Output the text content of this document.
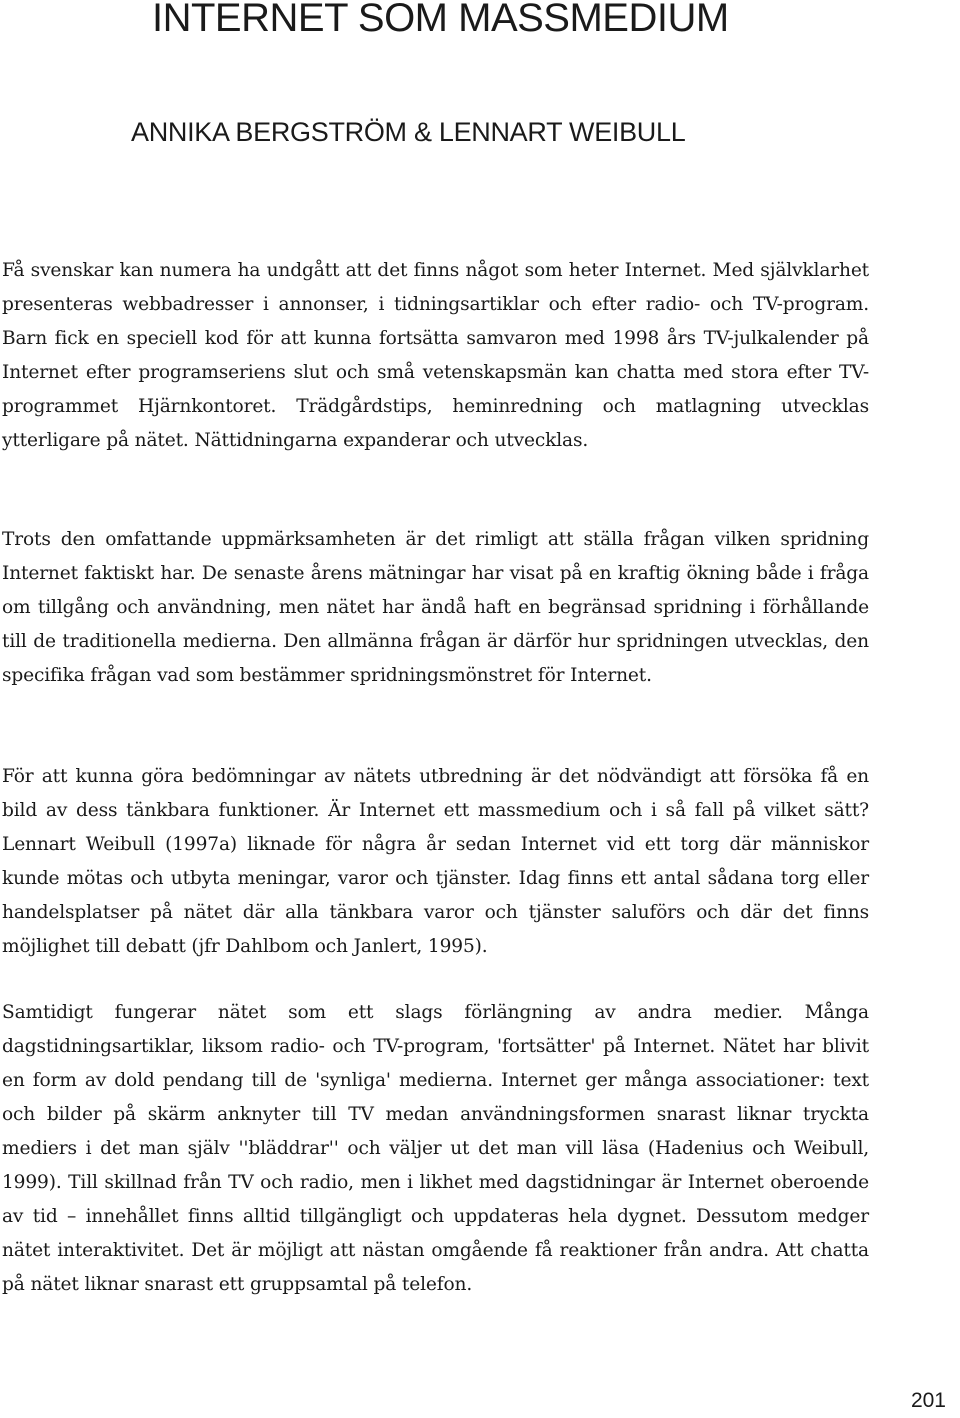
INTERNET SOM MASSMEDIUM
ANNIKA BERGSTRÖM & LENNART WEIBULL

Få svenskar kan numera ha undgått att det finns något som heter Internet. Med självklarhet presenteras webbadresser i annonser, i tidningsartiklar och efter radio- och TV-program. Barn fick en speciell kod för att kunna fortsätta samvaron med 1998 års TV-julkalender på Internet efter programseriens slut och små vetenskapsmän kan chatta med stora efter TV-programmet Hjärnkontoret. Trädgårdstips, heminredning och matlagning utvecklas ytterligare på nätet. Nättidningarna expanderar och utvecklas.

Trots den omfattande uppmärksamheten är det rimligt att ställa frågan vilken spridning Internet faktiskt har. De senaste årens mätningar har visat på en kraftig ökning både i fråga om tillgång och användning, men nätet har ändå haft en begränsad spridning i förhållande till de traditionella medierna. Den allmänna frågan är därför hur spridningen utvecklas, den specifika frågan vad som bestämmer spridningsmönstret för Internet.

För att kunna göra bedömningar av nätets utbredning är det nödvändigt att försöka få en bild av dess tänkbara funktioner. Är Internet ett massmedium och i så fall på vilket sätt? Lennart Weibull (1997a) liknade för några år sedan Internet vid ett torg där människor kunde mötas och utbyta meningar, varor och tjänster. Idag finns ett antal sådana torg eller handelsplatser på nätet där alla tänkbara varor och tjänster saluförs och där det finns möjlighet till debatt (jfr Dahlbom och Janlert, 1995).

Samtidigt fungerar nätet som ett slags förlängning av andra medier. Många dagstidningsartiklar, liksom radio- och TV-program, 'fortsätter' på Internet. Nätet har blivit en form av dold pendang till de 'synliga' medierna. Internet ger många associationer: text och bilder på skärm anknyter till TV medan användningsformen snarast liknar tryckta mediers i det man själv ''bläddrar'' och väljer ut det man vill läsa (Hadenius och Weibull, 1999). Till skillnad från TV och radio, men i likhet med dagstidningar är Internet oberoende av tid – innehållet finns alltid tillgängligt och uppdateras hela dygnet. Dessutom medger nätet interaktivitet. Det är möjligt att nästan omgående få reaktioner från andra. Att chatta på nätet liknar snarast ett gruppsamtal på telefon.

201
